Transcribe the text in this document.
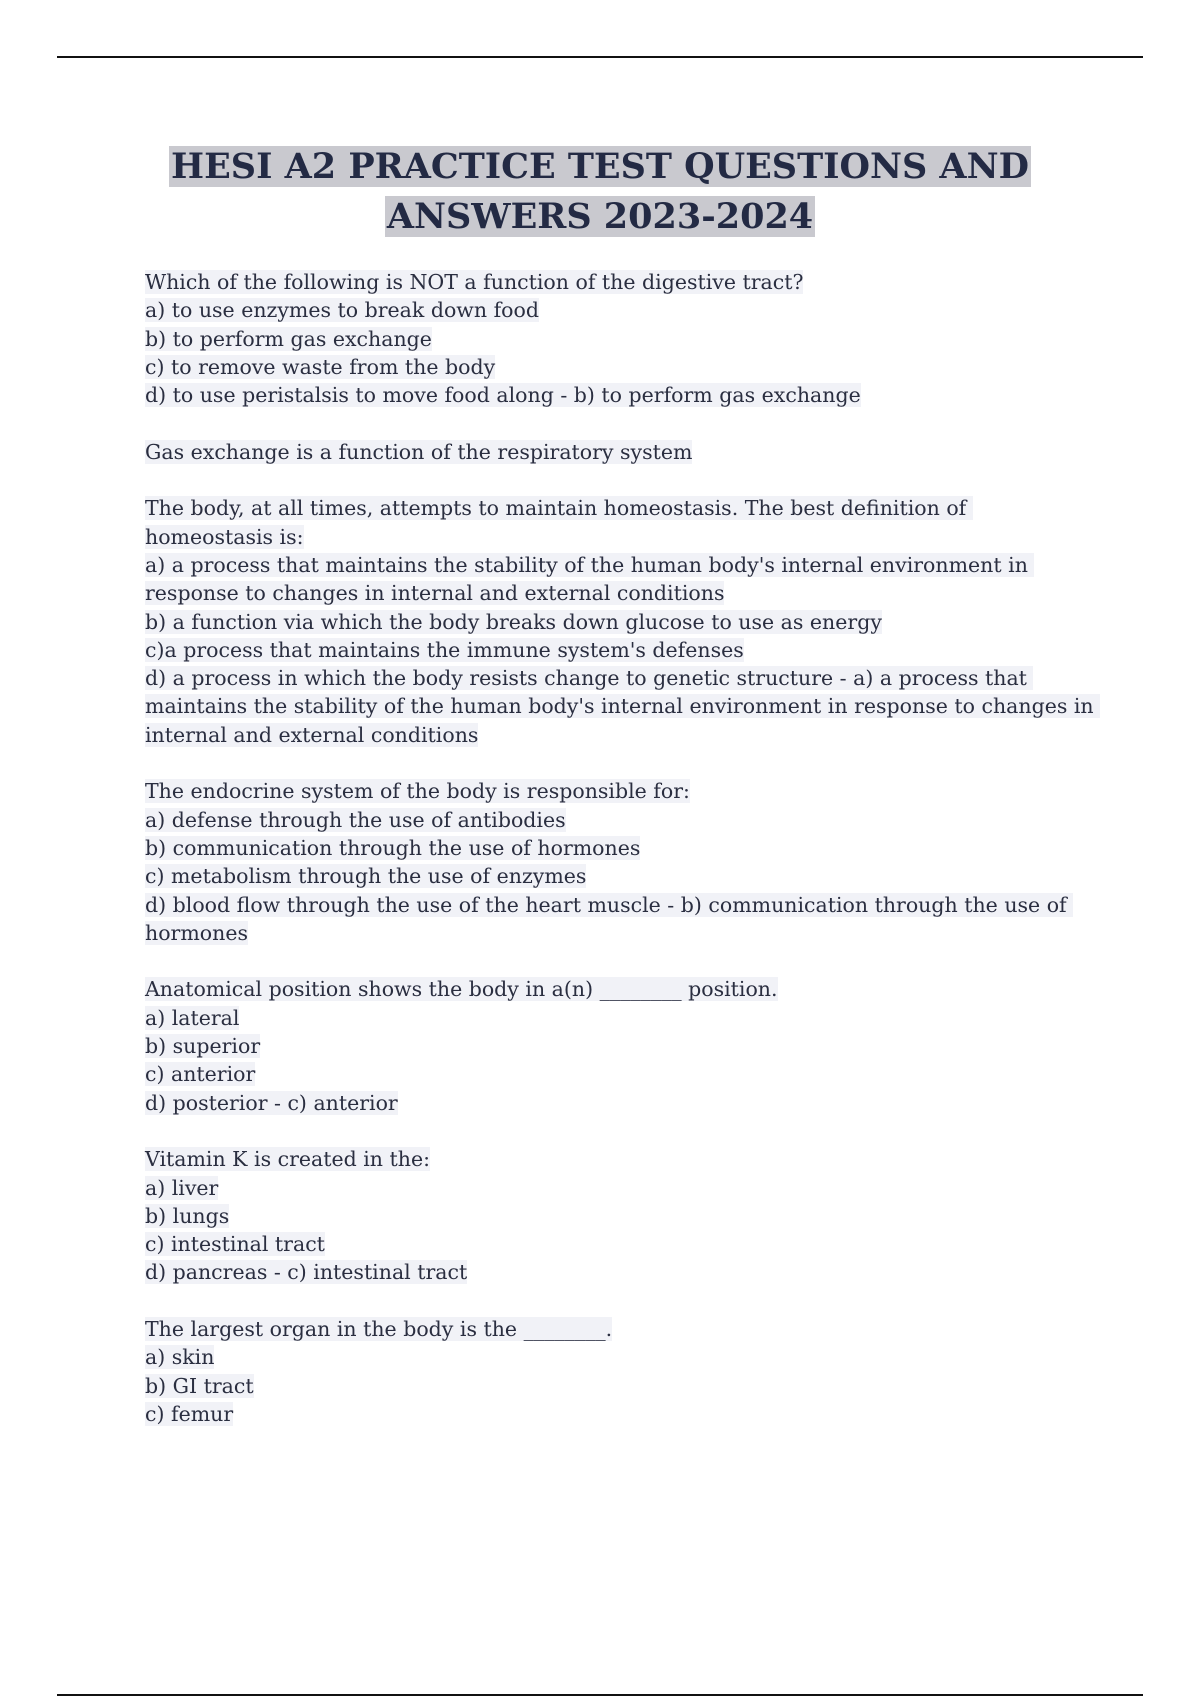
HESI A2 PRACTICE TEST QUESTIONS AND
ANSWERS 2023-2024
Which of the following is NOT a function of the digestive tract?
a) to use enzymes to break down food
b) to perform gas exchange
c) to remove waste from the body
d) to use peristalsis to move food along - b) to perform gas exchange
Gas exchange is a function of the respiratory system
The body, at all times, attempts to maintain homeostasis. The best definition of homeostasis is:
a) a process that maintains the stability of the human body's internal environment in response to changes in internal and external conditions
b) a function via which the body breaks down glucose to use as energy
c)a process that maintains the immune system's defenses
d) a process in which the body resists change to genetic structure - a) a process that maintains the stability of the human body's internal environment in response to changes in internal and external conditions
The endocrine system of the body is responsible for:
a) defense through the use of antibodies
b) communication through the use of hormones
c) metabolism through the use of enzymes
d) blood flow through the use of the heart muscle - b) communication through the use of hormones
Anatomical position shows the body in a(n) ________ position.
a) lateral
b) superior
c) anterior
d) posterior - c) anterior
Vitamin K is created in the:
a) liver
b) lungs
c) intestinal tract
d) pancreas - c) intestinal tract
The largest organ in the body is the ________.
a) skin
b) GI tract
c) femur
